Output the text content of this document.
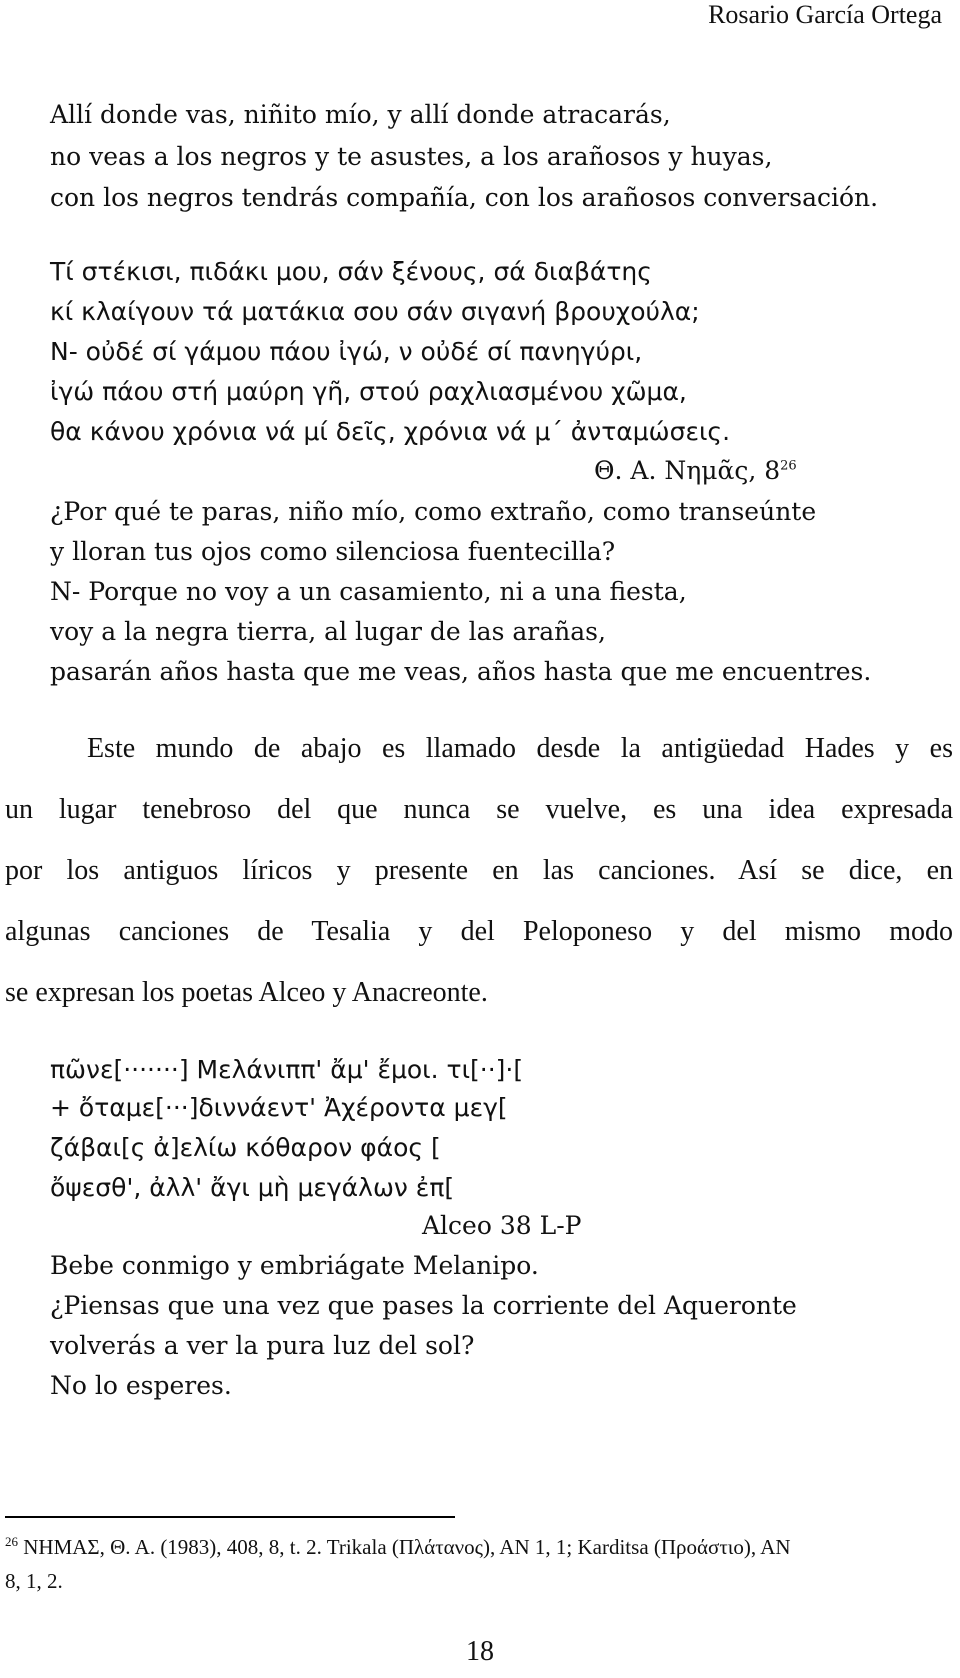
Rosario García Ortega
Allí donde vas, niñito mío, y allí donde atracarás,
no veas a los negros y te asustes, a los arañosos y huyas,
con los negros tendrás compañía, con los arañosos conversación.
Τί στέκισι, πιδάκι μου, σάν ξένους, σά διαβάτης
κί κλαίγουν τά ματάκια σου σάν σιγανή βρουχούλα;
N- οὐδέ σί γάμου πάου ἰγώ, ν οὐδέ σί πανηγύρι,
ἰγώ πάου στή μαύρη γῆ, στού ραχλιασμένου χῶμα,
θα κάνου χρόνια νά μί δεῖς, χρόνια νά μ΄ ἀνταμώσεις.
Θ. Α. Νημᾶς, $8^{26}$
¿Por qué te paras, niño mío, como extraño, como transeúnte
y lloran tus ojos como silenciosa fuentecilla?
N- Porque no voy a un casamiento, ni a una fiesta,
voy a la negra tierra, al lugar de las arañas,
pasarán años hasta que me veas, años hasta que me encuentres.
Este mundo de abajo es llamado desde la antigüedad Hades y es
un lugar tenebroso del que nunca se vuelve, es una idea expresada
por los antiguos líricos y presente en las canciones. Así se dice, en
algunas canciones de Tesalia y del Peloponeso y del mismo modo
se expresan los poetas Alceo y Anacreonte.
πῶνε[·······] Μελάνιππ' ἄμ' ἔμοι. τι[··]·[
+ ὄταμε[···]διννάεντ' Ἀχέροντα μεγ[
ζάβαι[ς ἀ]ελίω κόθαρον φάος [
ὄψεσθ', ἀλλ' ἄγι μὴ μεγάλων ἐπ[
Alceo 38 L-P
Bebe conmigo y embriágate Melanipo.
¿Piensas que una vez que pases la corriente del Aqueronte
volverás a ver la pura luz del sol?
No lo esperes.
$^{26}$ ΝΗΜΑΣ, Θ. Α. (1983), 408, 8, t. 2. Trikala (Πλάτανος), AN 1, 1; Karditsa (Προάστιο), AN
8, 1, 2.
18
